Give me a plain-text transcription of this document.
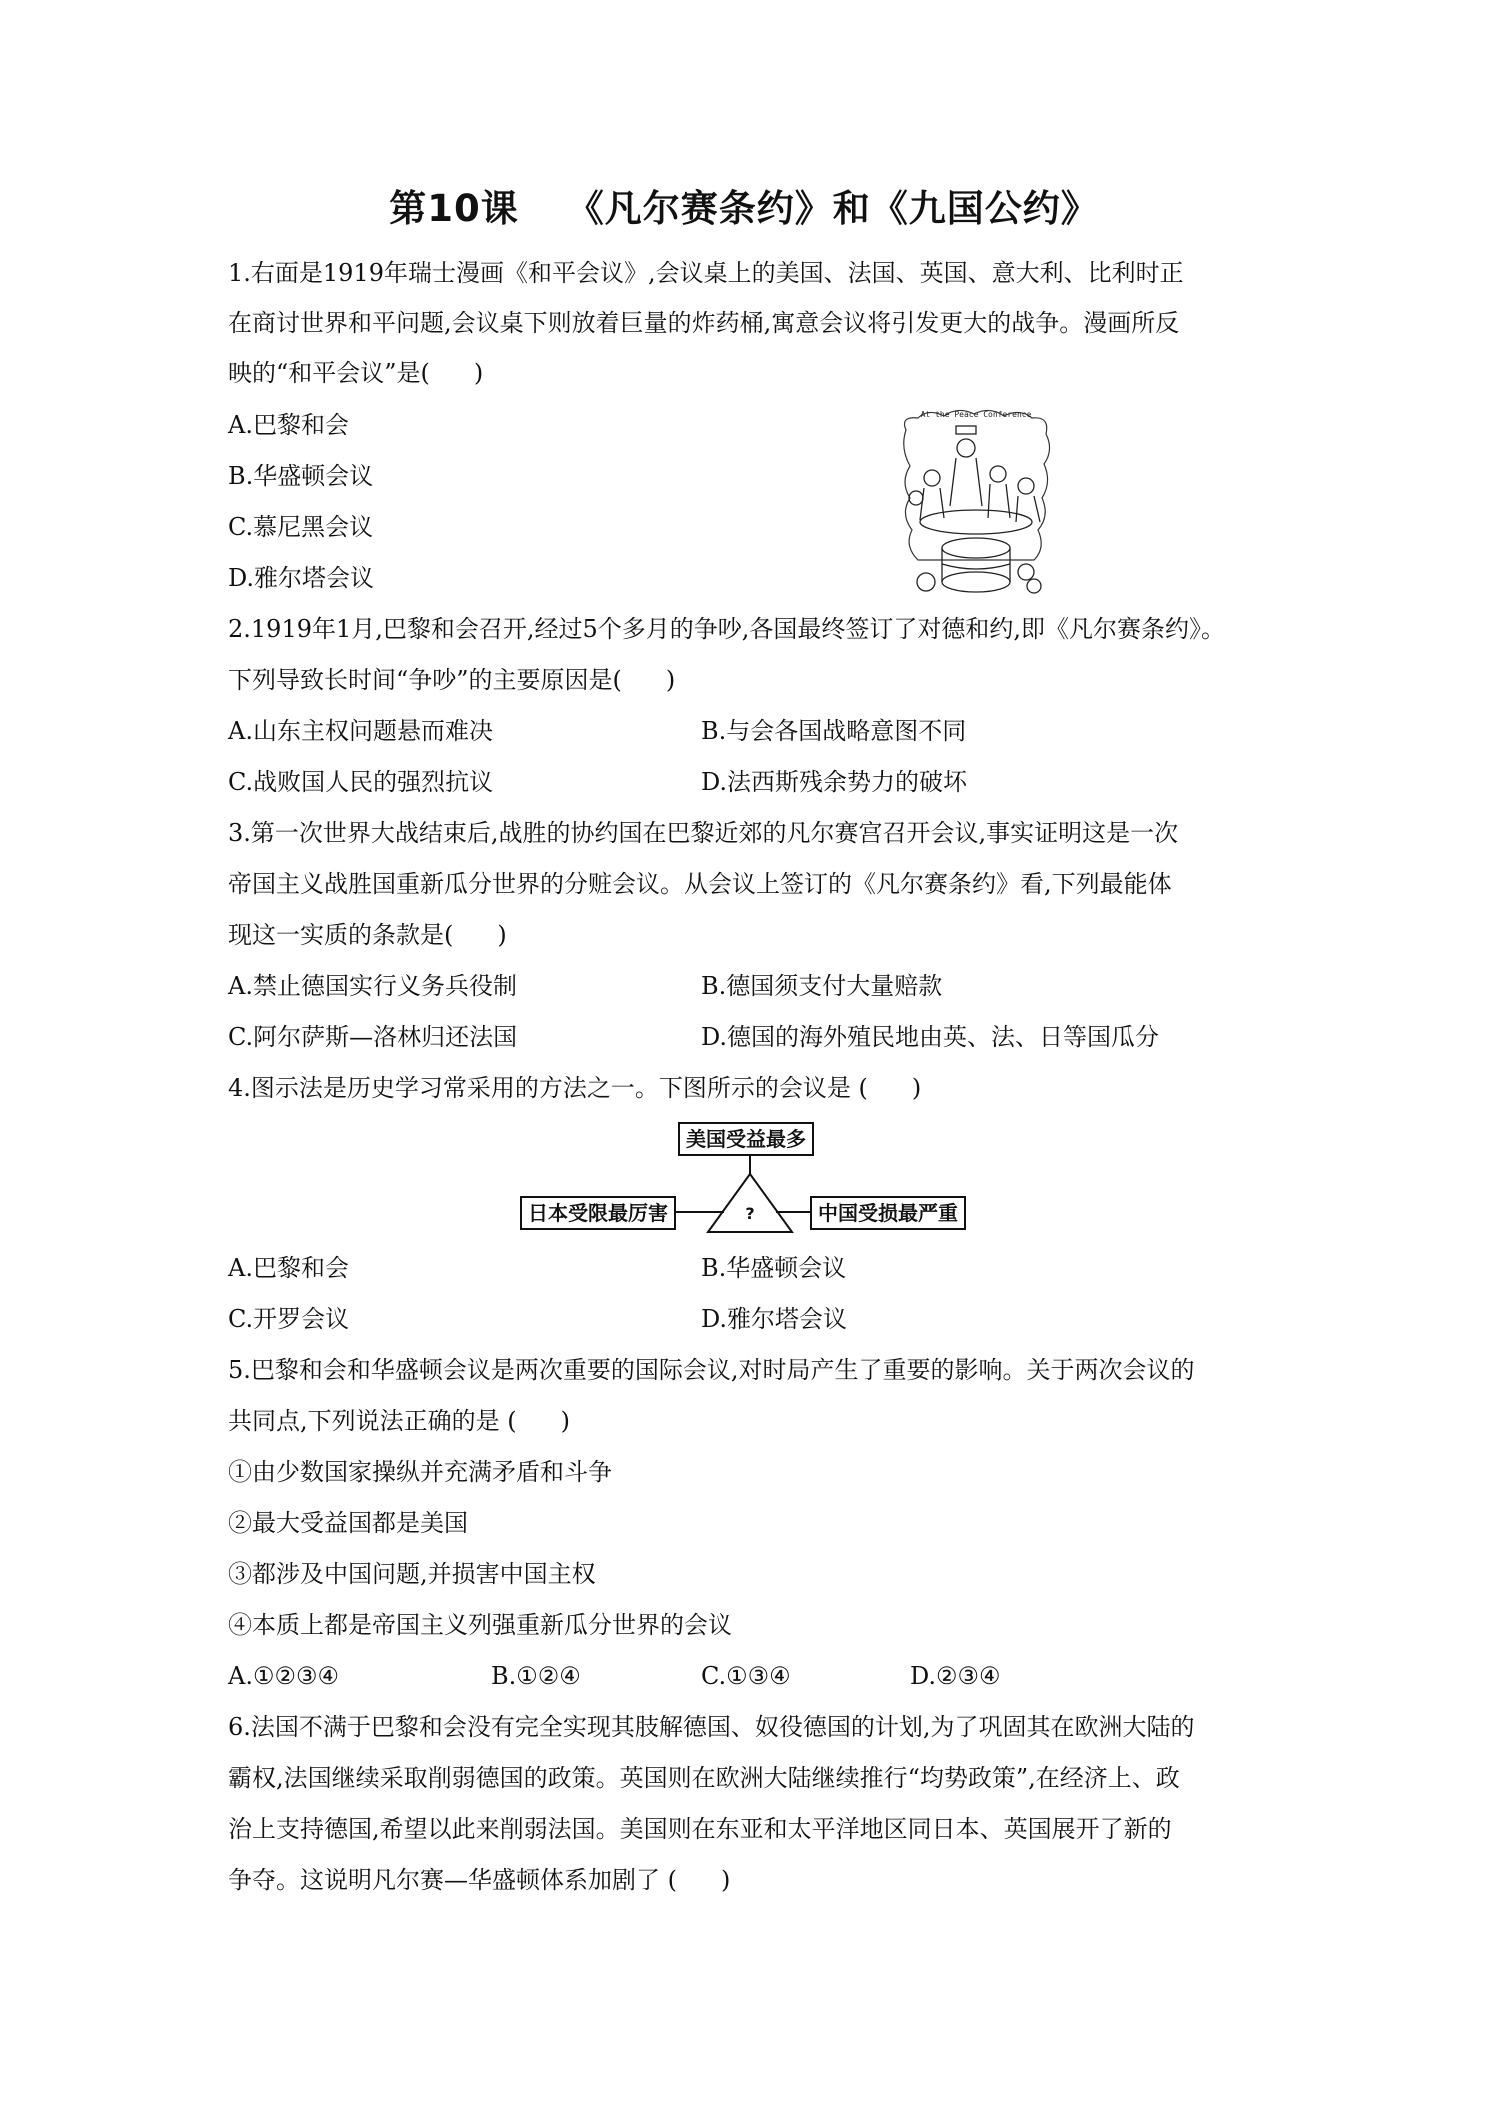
第10课 《凡尔赛条约》和《九国公约》

1.右面是1919年瑞士漫画《和平会议》,会议桌上的美国、法国、英国、意大利、比利时正

在商讨世界和平问题,会议桌下则放着巨量的炸药桶,寓意会议将引发更大的战争。漫画所反

映的“和平会议”是( )

A.巴黎和会

B.华盛顿会议

C.慕尼黑会议

D.雅尔塔会议

At the Peace Conference

2.1919年1月,巴黎和会召开,经过5个多月的争吵,各国最终签订了对德和约,即《凡尔赛条约》。

下列导致长时间“争吵”的主要原因是( )

A.山东主权问题悬而难决	B.与会各国战略意图不同

C.战败国人民的强烈抗议	D.法西斯残余势力的破坏

3.第一次世界大战结束后,战胜的协约国在巴黎近郊的凡尔赛宫召开会议,事实证明这是一次

帝国主义战胜国重新瓜分世界的分赃会议。从会议上签订的《凡尔赛条约》看,下列最能体

现这一实质的条款是( )

A.禁止德国实行义务兵役制	B.德国须支付大量赔款

C.阿尔萨斯—洛林归还法国	D.德国的海外殖民地由英、法、日等国瓜分

4.图示法是历史学习常采用的方法之一。下图所示的会议是 ( )

美国受益最多
日本受限最厉害	中国受损最严重
?

A.巴黎和会	B.华盛顿会议

C.开罗会议	D.雅尔塔会议

5.巴黎和会和华盛顿会议是两次重要的国际会议,对时局产生了重要的影响。关于两次会议的

共同点,下列说法正确的是 ( )

①由少数国家操纵并充满矛盾和斗争

②最大受益国都是美国

③都涉及中国问题,并损害中国主权

④本质上都是帝国主义列强重新瓜分世界的会议

A.①②③④	B.①②④	C.①③④	D.②③④

6.法国不满于巴黎和会没有完全实现其肢解德国、奴役德国的计划,为了巩固其在欧洲大陆的

霸权,法国继续采取削弱德国的政策。英国则在欧洲大陆继续推行“均势政策”,在经济上、政

治上支持德国,希望以此来削弱法国。美国则在东亚和太平洋地区同日本、英国展开了新的

争夺。这说明凡尔赛—华盛顿体系加剧了 ( )
